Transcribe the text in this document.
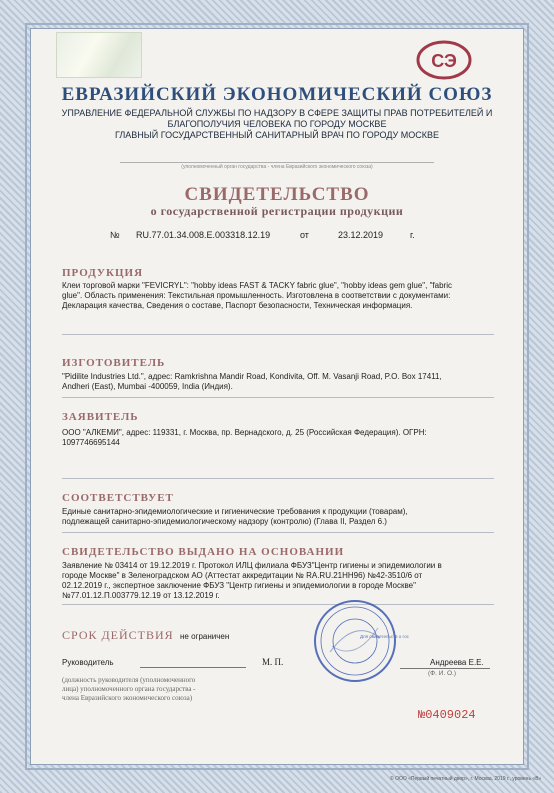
СЭ
ЕВРАЗИЙСКИЙ ЭКОНОМИЧЕСКИЙ СОЮЗ
УПРАВЛЕНИЕ ФЕДЕРАЛЬНОЙ СЛУЖБЫ ПО НАДЗОРУ В СФЕРЕ ЗАЩИТЫ ПРАВ ПОТРЕБИТЕЛЕЙ И
БЛАГОПОЛУЧИЯ ЧЕЛОВЕКА ПО ГОРОДУ МОСКВЕ
ГЛАВНЫЙ ГОСУДАРСТВЕННЫЙ САНИТАРНЫЙ ВРАЧ ПО ГОРОДУ МОСКВЕ
(уполномоченный орган государства - члена Евразийского экономического союза)
СВИДЕТЕЛЬСТВО
о государственной регистрации продукции
№ RU.77.01.34.008.Е.003318.12.19	от	23.12.2019	г.
ПРОДУКЦИЯ
Клеи торговой марки "FEVICRYL": "hobby ideas FAST & TACKY fabric glue", "hobby ideas gem glue", "fabric
glue". Область применения: Текстильная промышленность. Изготовлена в соответствии с документами:
Декларация качества, Сведения о составе, Паспорт безопасности, Техническая информация.
ИЗГОТОВИТЕЛЬ
"Pidilite Industries Ltd.", адрес: Ramkrishna Mandir Road, Kondivita, Off. M. Vasanji Road, P.O. Box 17411,
Andheri (East), Mumbai -400059, India (Индия).
ЗАЯВИТЕЛЬ
ООО "АЛКЕМИ", адрес: 119331, г. Москва, пр. Вернадского, д. 25 (Российская Федерация). ОГРН:
1097746695144
СООТВЕТСТВУЕТ
Единые санитарно-эпидемиологические и гигиенические требования к продукции (товарам),
подлежащей санитарно-эпидемиологическому надзору (контролю) (Глава II, Раздел 6.)
СВИДЕТЕЛЬСТВО ВЫДАНО НА ОСНОВАНИИ
Заявление № 03414 от 19.12.2019 г. Протокол ИЛЦ филиала ФБУЗ"Центр гигиены и эпидемиологии в
городе Москве" в Зеленоградском АО (Аттестат аккредитации № RA.RU.21НН96) №42-3510/6 от
02.12.2019 г., экспертное заключение ФБУЗ "Центр гигиены и эпидемиологии в городе Москве"
№77.01.12.П.003779.12.19 от 13.12.2019 г.
СРОК ДЕЙСТВИЯ не ограничен
Руководитель	М. П.	Андреева Е.Е.
(Ф. И. О.)
(должность руководителя (уполномоченного
лица) уполномоченного органа государства -
члена Евразийского экономического союза)
Для свидетельств о гос
№0409024
© ООО «Первый печатный двор», г. Москва, 2019 г., уровень «В»
